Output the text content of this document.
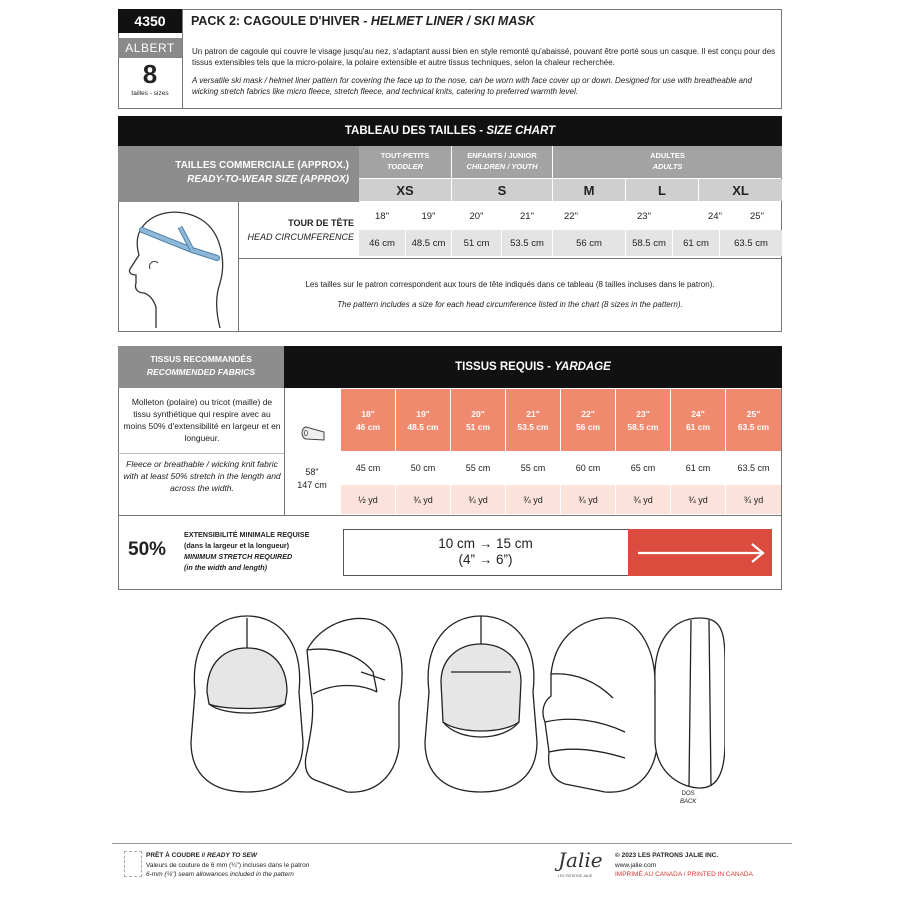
4350
ALBERT
8
tailles - sizes
PACK 2: CAGOULE D'HIVER - HELMET LINER / SKI MASK
Un patron de cagoule qui couvre le visage jusqu'au nez, s'adaptant aussi bien en style remonté qu'abaissé, pouvant être porté sous un casque. Il est conçu pour des tissus extensibles tels que la micro-polaire, la polaire extensible et autre tissus techniques, selon la chaleur recherchée.
A versatile ski mask / helmet liner pattern for covering the face up to the nose, can be worn with face cover up or down. Designed for use with breatheable and wicking stretch fabrics like micro fleece, stretch fleece, and technical knits, catering to preferred warmth level.
TABLEAU DES TAILLES -
SIZE CHART
TAILLES COMMERCIALE (APPROX.)
READY-TO-WEAR SIZE (APPROX)
TOUT-PETITS
TODDLER
ENFANTS / JUNIOR
CHILDREN / YOUTH
ADULTES
ADULTS
XS	S	M	L	XL
TOUR DE TÊTE
HEAD CIRCUMFERENCE
18"	19"	20"	21"	22"	23"	24"	25"
46 cm	48.5 cm	51 cm	53.5 cm	56 cm	58.5 cm	61 cm	63.5 cm
Les tailles sur le patron correspondent aux tours de tête indiqués dans ce tableau (8 tailles incluses dans le patron).
The pattern includes a size for each head circumference listed in the chart (8 sizes in the pattern).
TISSUS RECOMMANDÉS
RECOMMENDED FABRICS	TISSUS REQUIS -
YARDAGE
Molleton (polaire) ou tricot (maille) de tissu synthétique qui respire avec au moins 50% d'extensibilité en largeur et en longueur.
Fleece or breathable / wicking knit fabric with at least 50% stretch in the length and across the width.
58"
147 cm
18"
46 cm
19"
48.5 cm
20"
51 cm
21"
53.5 cm
22"
56 cm
23"
58.5 cm
24"
61 cm
25"
63.5 cm
45 cm	50 cm	55 cm	55 cm	60 cm	65 cm	61 cm	63.5 cm
½ yd	¾ yd	¾ yd	¾ yd	¾ yd	¾ yd	¾ yd	¾ yd
50%
EXTENSIBILITÉ MINIMALE REQUISE
(dans la largeur et la longueur)
MINIMUM STRETCH REQUIRED
(in the width and length)
10 cm → 15 cm
(4” → 6”)
DOS
BACK
PRÊT À COUDRE // READY TO SEW
Valeurs de couture de 6 mm (¼") incluses dans le patron
6-mm (¼") seam allowances included in the pattern
Jalie
LES PATRONS JALIE
© 2023 LES PATRONS JALIE INC.
www.jalie.com
IMPRIMÉ AU CANADA / PRINTED IN CANADA
